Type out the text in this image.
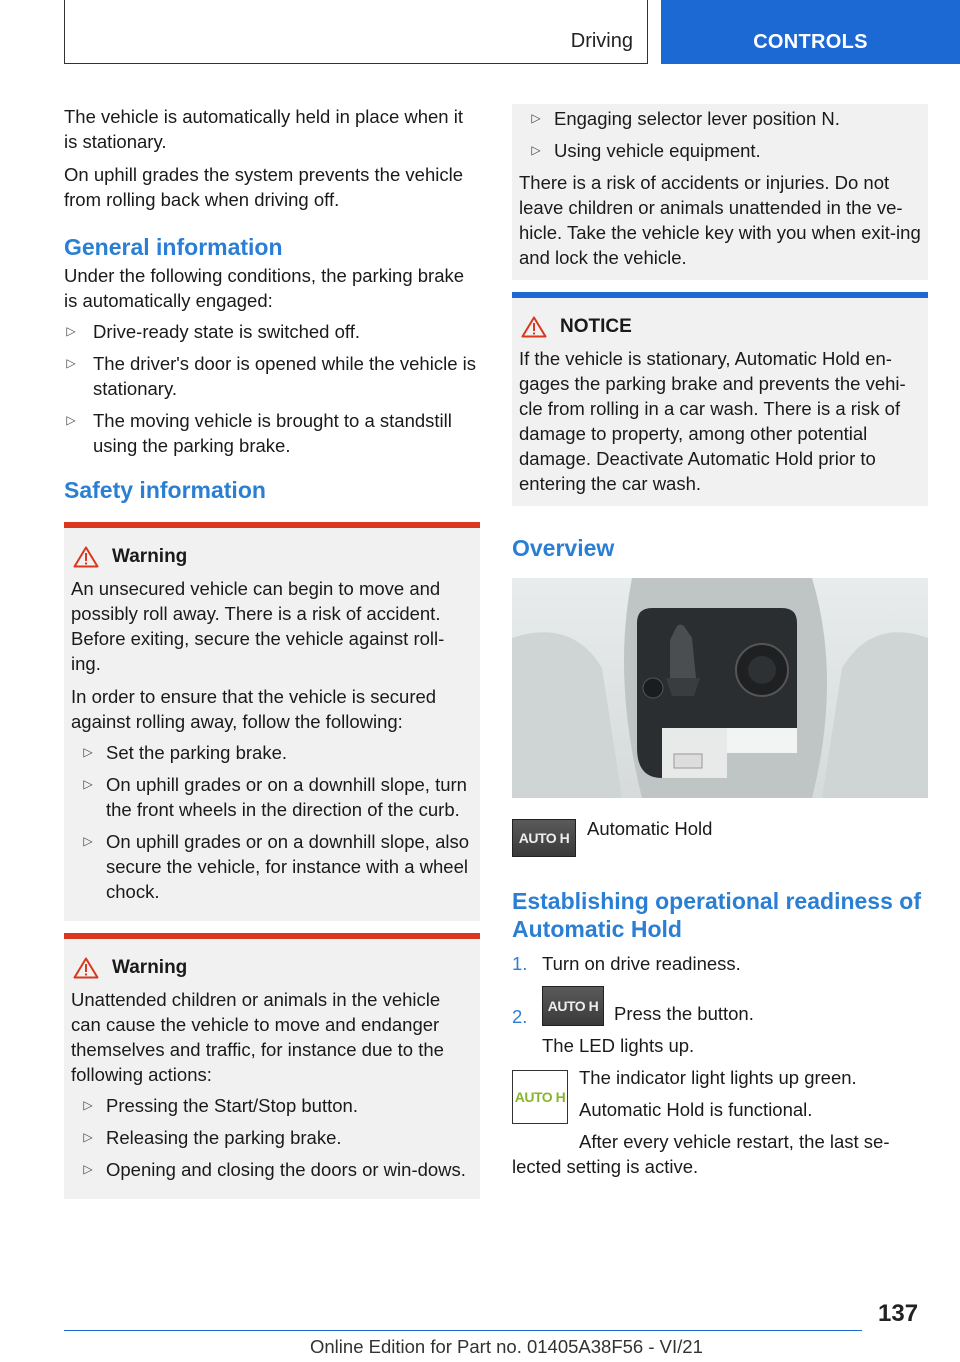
Driving	CONTROLS

The vehicle is automatically held in place when it is stationary.

On uphill grades the system prevents the vehicle from rolling back when driving off.

General information

Under the following conditions, the parking brake is automatically engaged:

▷ Drive-ready state is switched off.
▷ The driver's door is opened while the vehicle is stationary.
▷ The moving vehicle is brought to a standstill using the parking brake.
Safety information
Warning

An unsecured vehicle can begin to move and possibly roll away. There is a risk of accident. Before exiting, secure the vehicle against roll-ing.

In order to ensure that the vehicle is secured against rolling away, follow the following:

▷ Set the parking brake.
▷ On uphill grades or on a downhill slope, turn the front wheels in the direction of the curb.
▷ On uphill grades or on a downhill slope, also secure the vehicle, for instance with a wheel chock.
Warning

Unattended children or animals in the vehicle can cause the vehicle to move and endanger themselves and traffic, for instance due to the following actions:

▷ Pressing the Start/Stop button.
▷ Releasing the parking brake.
▷ Opening and closing the doors or win-dows.
▷ Engaging selector lever position N.
▷ Using vehicle equipment.

There is a risk of accidents or injuries. Do not leave children or animals unattended in the ve-hicle. Take the vehicle key with you when exit-ing and lock the vehicle.

NOTICE

If the vehicle is stationary, Automatic Hold en-gages the parking brake and prevents the vehi-cle from rolling in a car wash. There is a risk of damage to property, among other potential damage. Deactivate Automatic Hold prior to entering the car wash.

Overview
AUTO H Automatic Hold

Establishing operational readiness of Automatic Hold
1. Turn on drive readiness.
2.	AUTO H Press the button.

The LED lights up.

AUTO H

The indicator light lights up green.

Automatic Hold is functional.

After every vehicle restart, the last se-lected setting is active.

137
Online Edition for Part no. 01405A38F56 - VI/21
